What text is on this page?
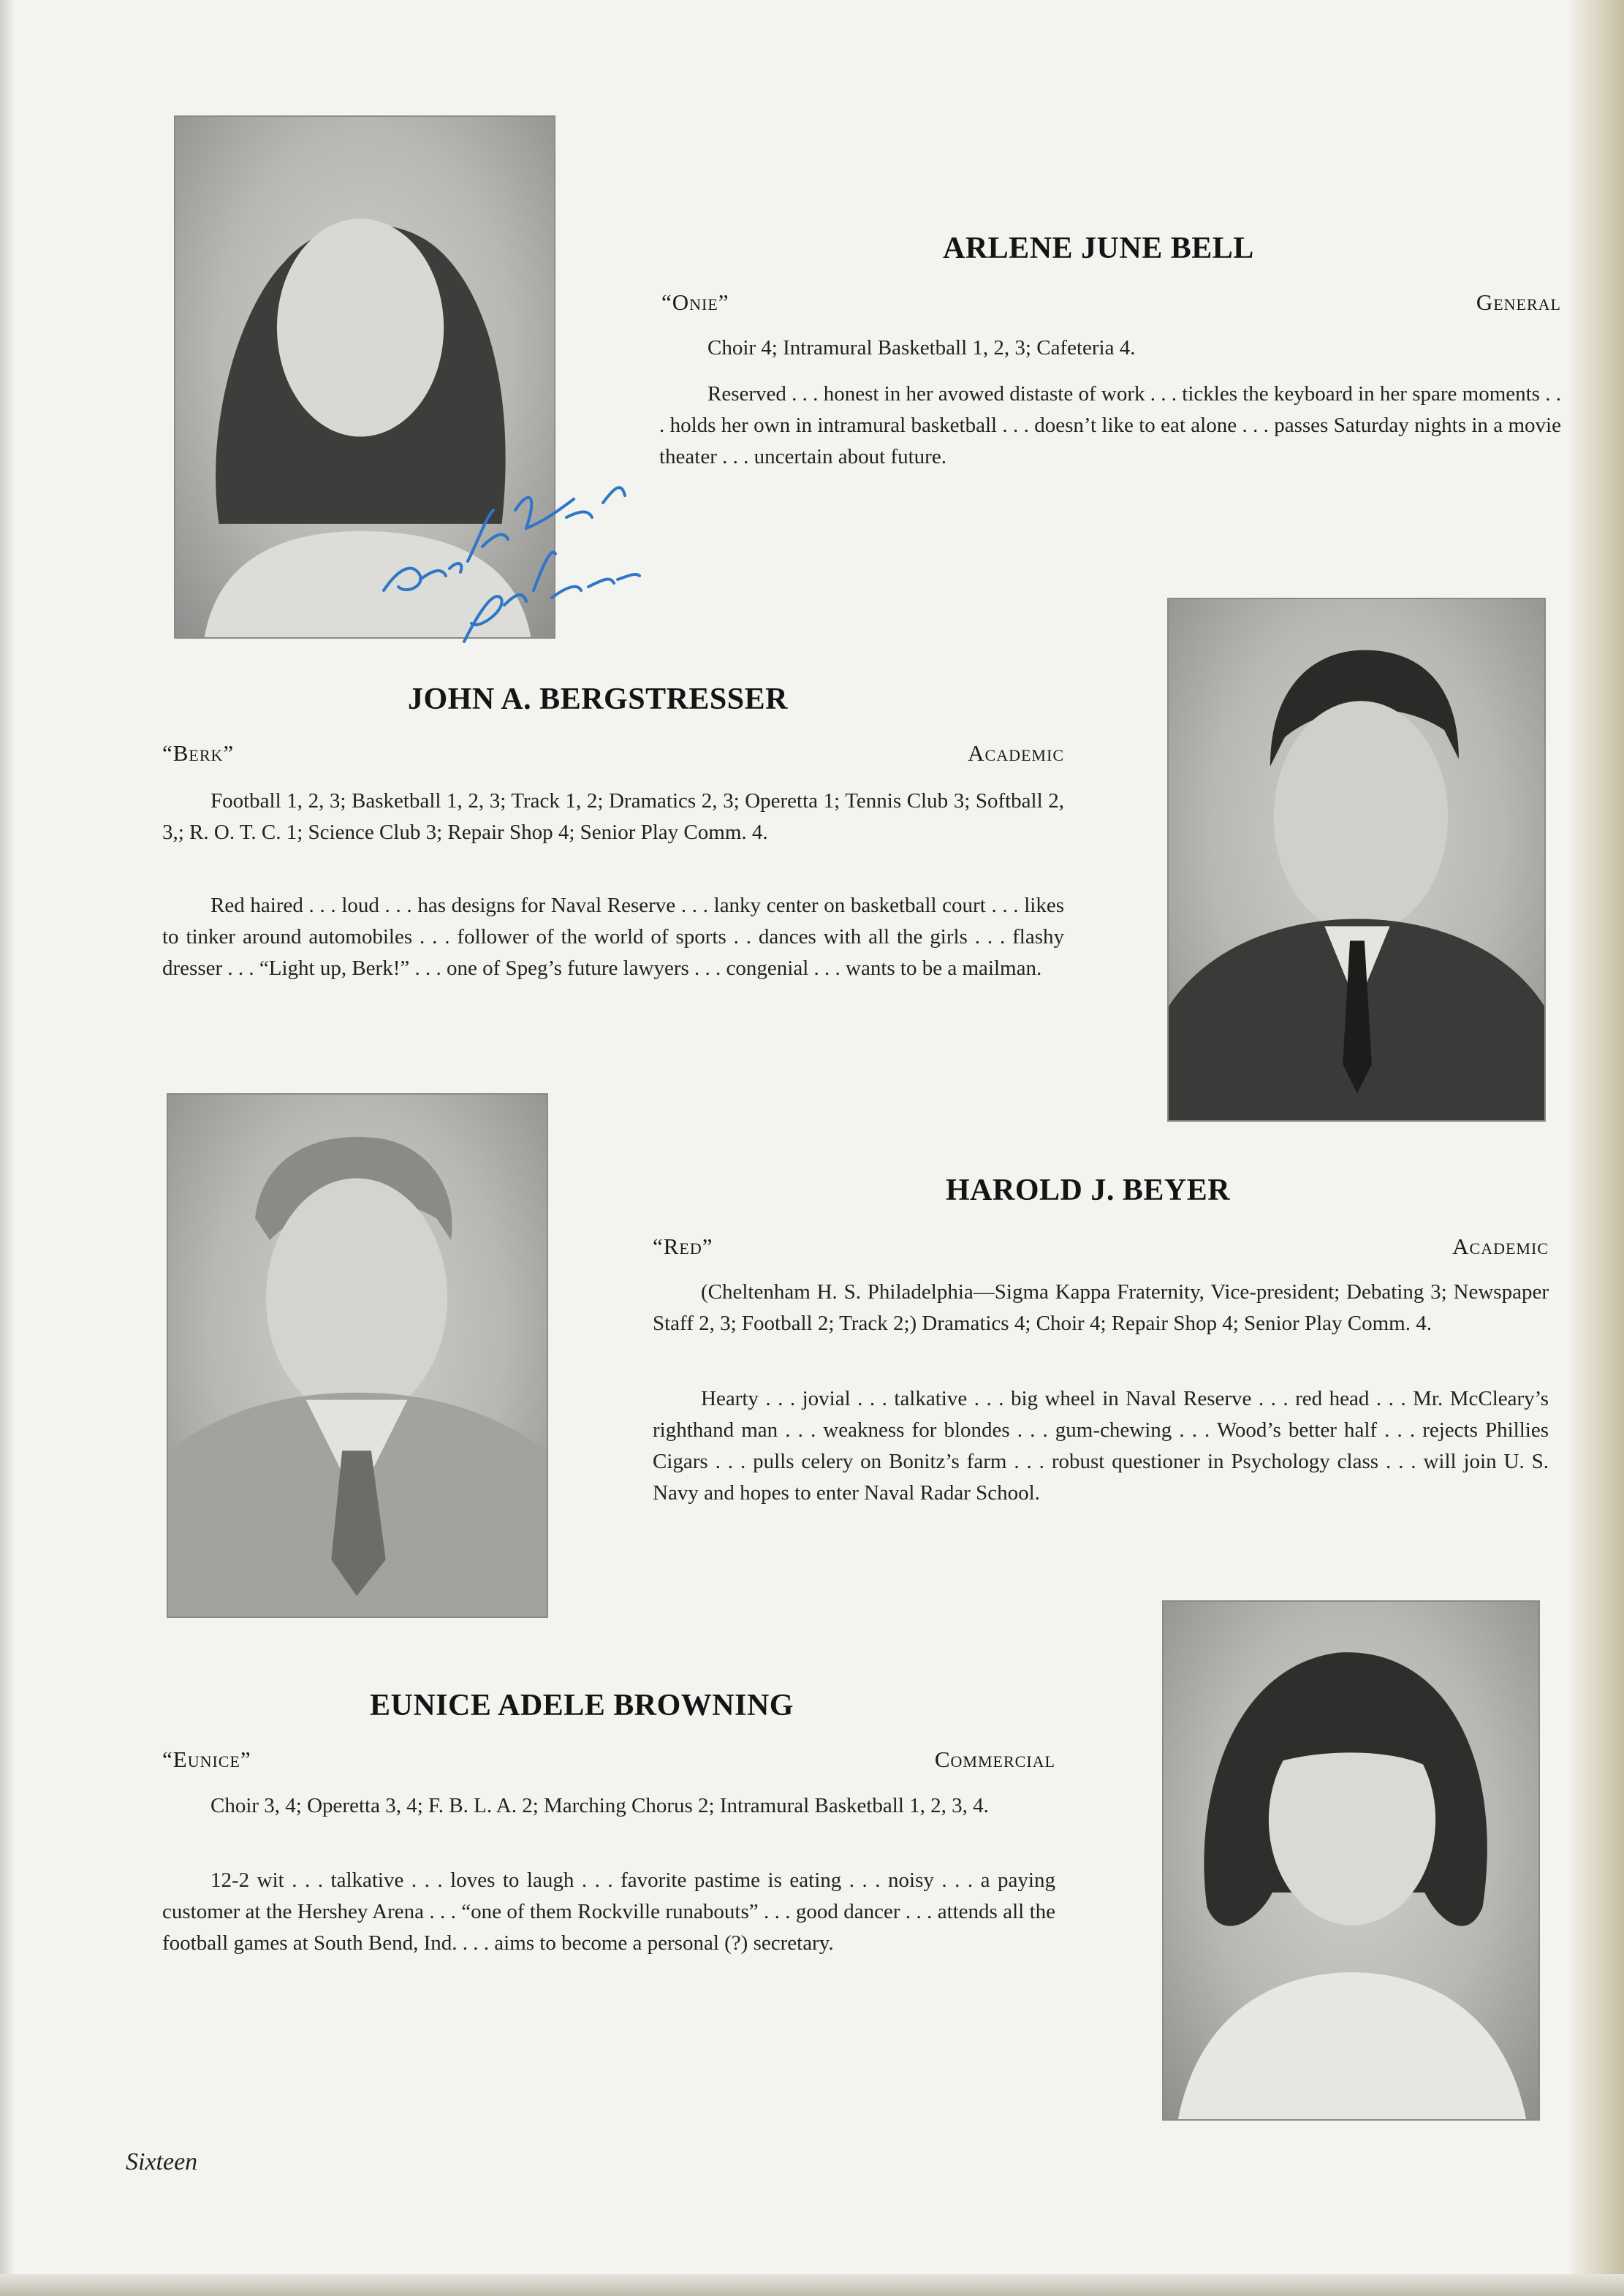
ARLENE JUNE BELL

“Onie”	General

Choir 4; Intramural Basketball 1, 2, 3; Cafeteria 4.

Reserved . . . honest in her avowed distaste of work . . . tickles the keyboard in her spare moments . . . holds her own in intramural basketball . . . doesn’t like to eat alone . . . passes Saturday nights in a movie theater . . . uncertain about future.

JOHN A. BERGSTRESSER

“Berk”	Academic

Football 1, 2, 3; Basketball 1, 2, 3; Track 1, 2; Dramatics 2, 3; Operetta 1; Tennis Club 3; Softball 2, 3,; R. O. T. C. 1; Science Club 3; Repair Shop 4; Senior Play Comm. 4.

Red haired . . . loud . . . has designs for Naval Reserve . . . lanky center on basketball court . . . likes to tinker around automobiles . . . follower of the world of sports . . dances with all the girls . . . flashy dresser . . . “Light up, Berk!” . . . one of Speg’s future lawyers . . . congenial . . . wants to be a mailman.

HAROLD J. BEYER

“Red”	Academic

(Cheltenham H. S. Philadelphia—Sigma Kappa Fraternity, Vice-president; Debating 3; Newspaper Staff 2, 3; Football 2; Track 2;) Dramatics 4; Choir 4; Repair Shop 4; Senior Play Comm. 4.

Hearty . . . jovial . . . talkative . . . big wheel in Naval Reserve . . . red head . . . Mr. McCleary’s righthand man . . . weakness for blondes . . . gum-chewing . . . Wood’s better half . . . rejects Phillies Cigars . . . pulls celery on Bonitz’s farm . . . robust questioner in Psychology class . . . will join U. S. Navy and hopes to enter Naval Radar School.

EUNICE ADELE BROWNING

“Eunice”	Commercial

Choir 3, 4; Operetta 3, 4; F. B. L. A. 2; Marching Chorus 2; Intramural Basketball 1, 2, 3, 4.

12-2 wit . . . talkative . . . loves to laugh . . . favorite pastime is eating . . . noisy . . . a paying customer at the Hershey Arena . . . “one of them Rockville runabouts” . . . good dancer . . . attends all the football games at South Bend, Ind. . . . aims to become a personal (?) secretary.

Sixteen
